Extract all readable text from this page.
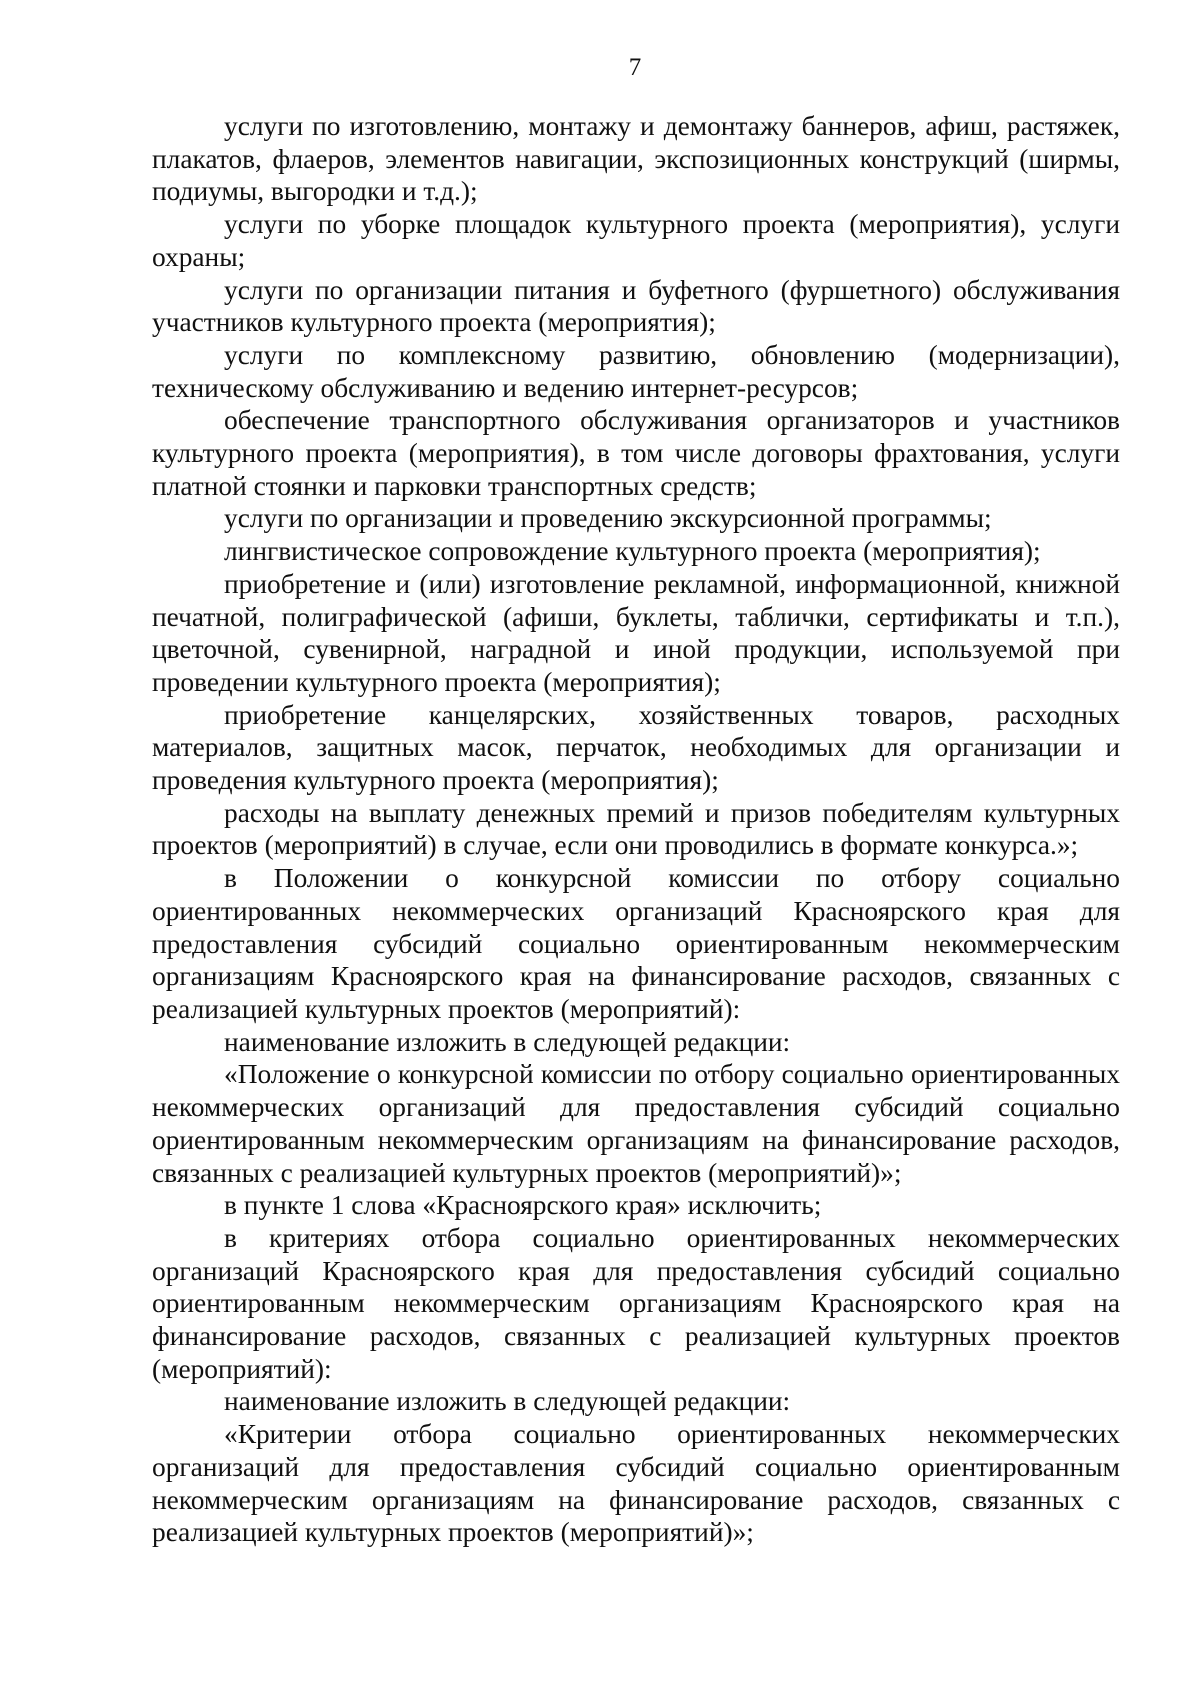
7

услуги по изготовлению, монтажу и демонтажу баннеров, афиш, растяжек, плакатов, флаеров, элементов навигации, экспозиционных конструкций (ширмы, подиумы, выгородки и т.д.);

услуги по уборке площадок культурного проекта (мероприятия), услуги охраны;

услуги по организации питания и буфетного (фуршетного) обслуживания участников культурного проекта (мероприятия);

услуги по комплексному развитию, обновлению (модернизации), техническому обслуживанию и ведению интернет-ресурсов;

обеспечение транспортного обслуживания организаторов и участников культурного проекта (мероприятия), в том числе договоры фрахтования, услуги платной стоянки и парковки транспортных средств;

услуги по организации и проведению экскурсионной программы;

лингвистическое сопровождение культурного проекта (мероприятия);

приобретение и (или) изготовление рекламной, информационной, книжной печатной, полиграфической (афиши, буклеты, таблички, сертификаты и т.п.), цветочной, сувенирной, наградной и иной продукции, используемой при проведении культурного проекта (мероприятия);

приобретение канцелярских, хозяйственных товаров, расходных материалов, защитных масок, перчаток, необходимых для организации и проведения культурного проекта (мероприятия);

расходы на выплату денежных премий и призов победителям культурных проектов (мероприятий) в случае, если они проводились в формате конкурса.»;

в Положении о конкурсной комиссии по отбору социально ориентированных некоммерческих организаций Красноярского края для предоставления субсидий социально ориентированным некоммерческим организациям Красноярского края на финансирование расходов, связанных с реализацией культурных проектов (мероприятий):

наименование изложить в следующей редакции:

«Положение о конкурсной комиссии по отбору социально ориентированных некоммерческих организаций для предоставления субсидий социально ориентированным некоммерческим организациям на финансирование расходов, связанных с реализацией культурных проектов (мероприятий)»;

в пункте 1 слова «Красноярского края» исключить;

в критериях отбора социально ориентированных некоммерческих организаций Красноярского края для предоставления субсидий социально ориентированным некоммерческим организациям Красноярского края на финансирование расходов, связанных с реализацией культурных проектов (мероприятий):

наименование изложить в следующей редакции:

«Критерии отбора социально ориентированных некоммерческих организаций для предоставления субсидий социально ориентированным некоммерческим организациям на финансирование расходов, связанных с реализацией культурных проектов (мероприятий)»;
